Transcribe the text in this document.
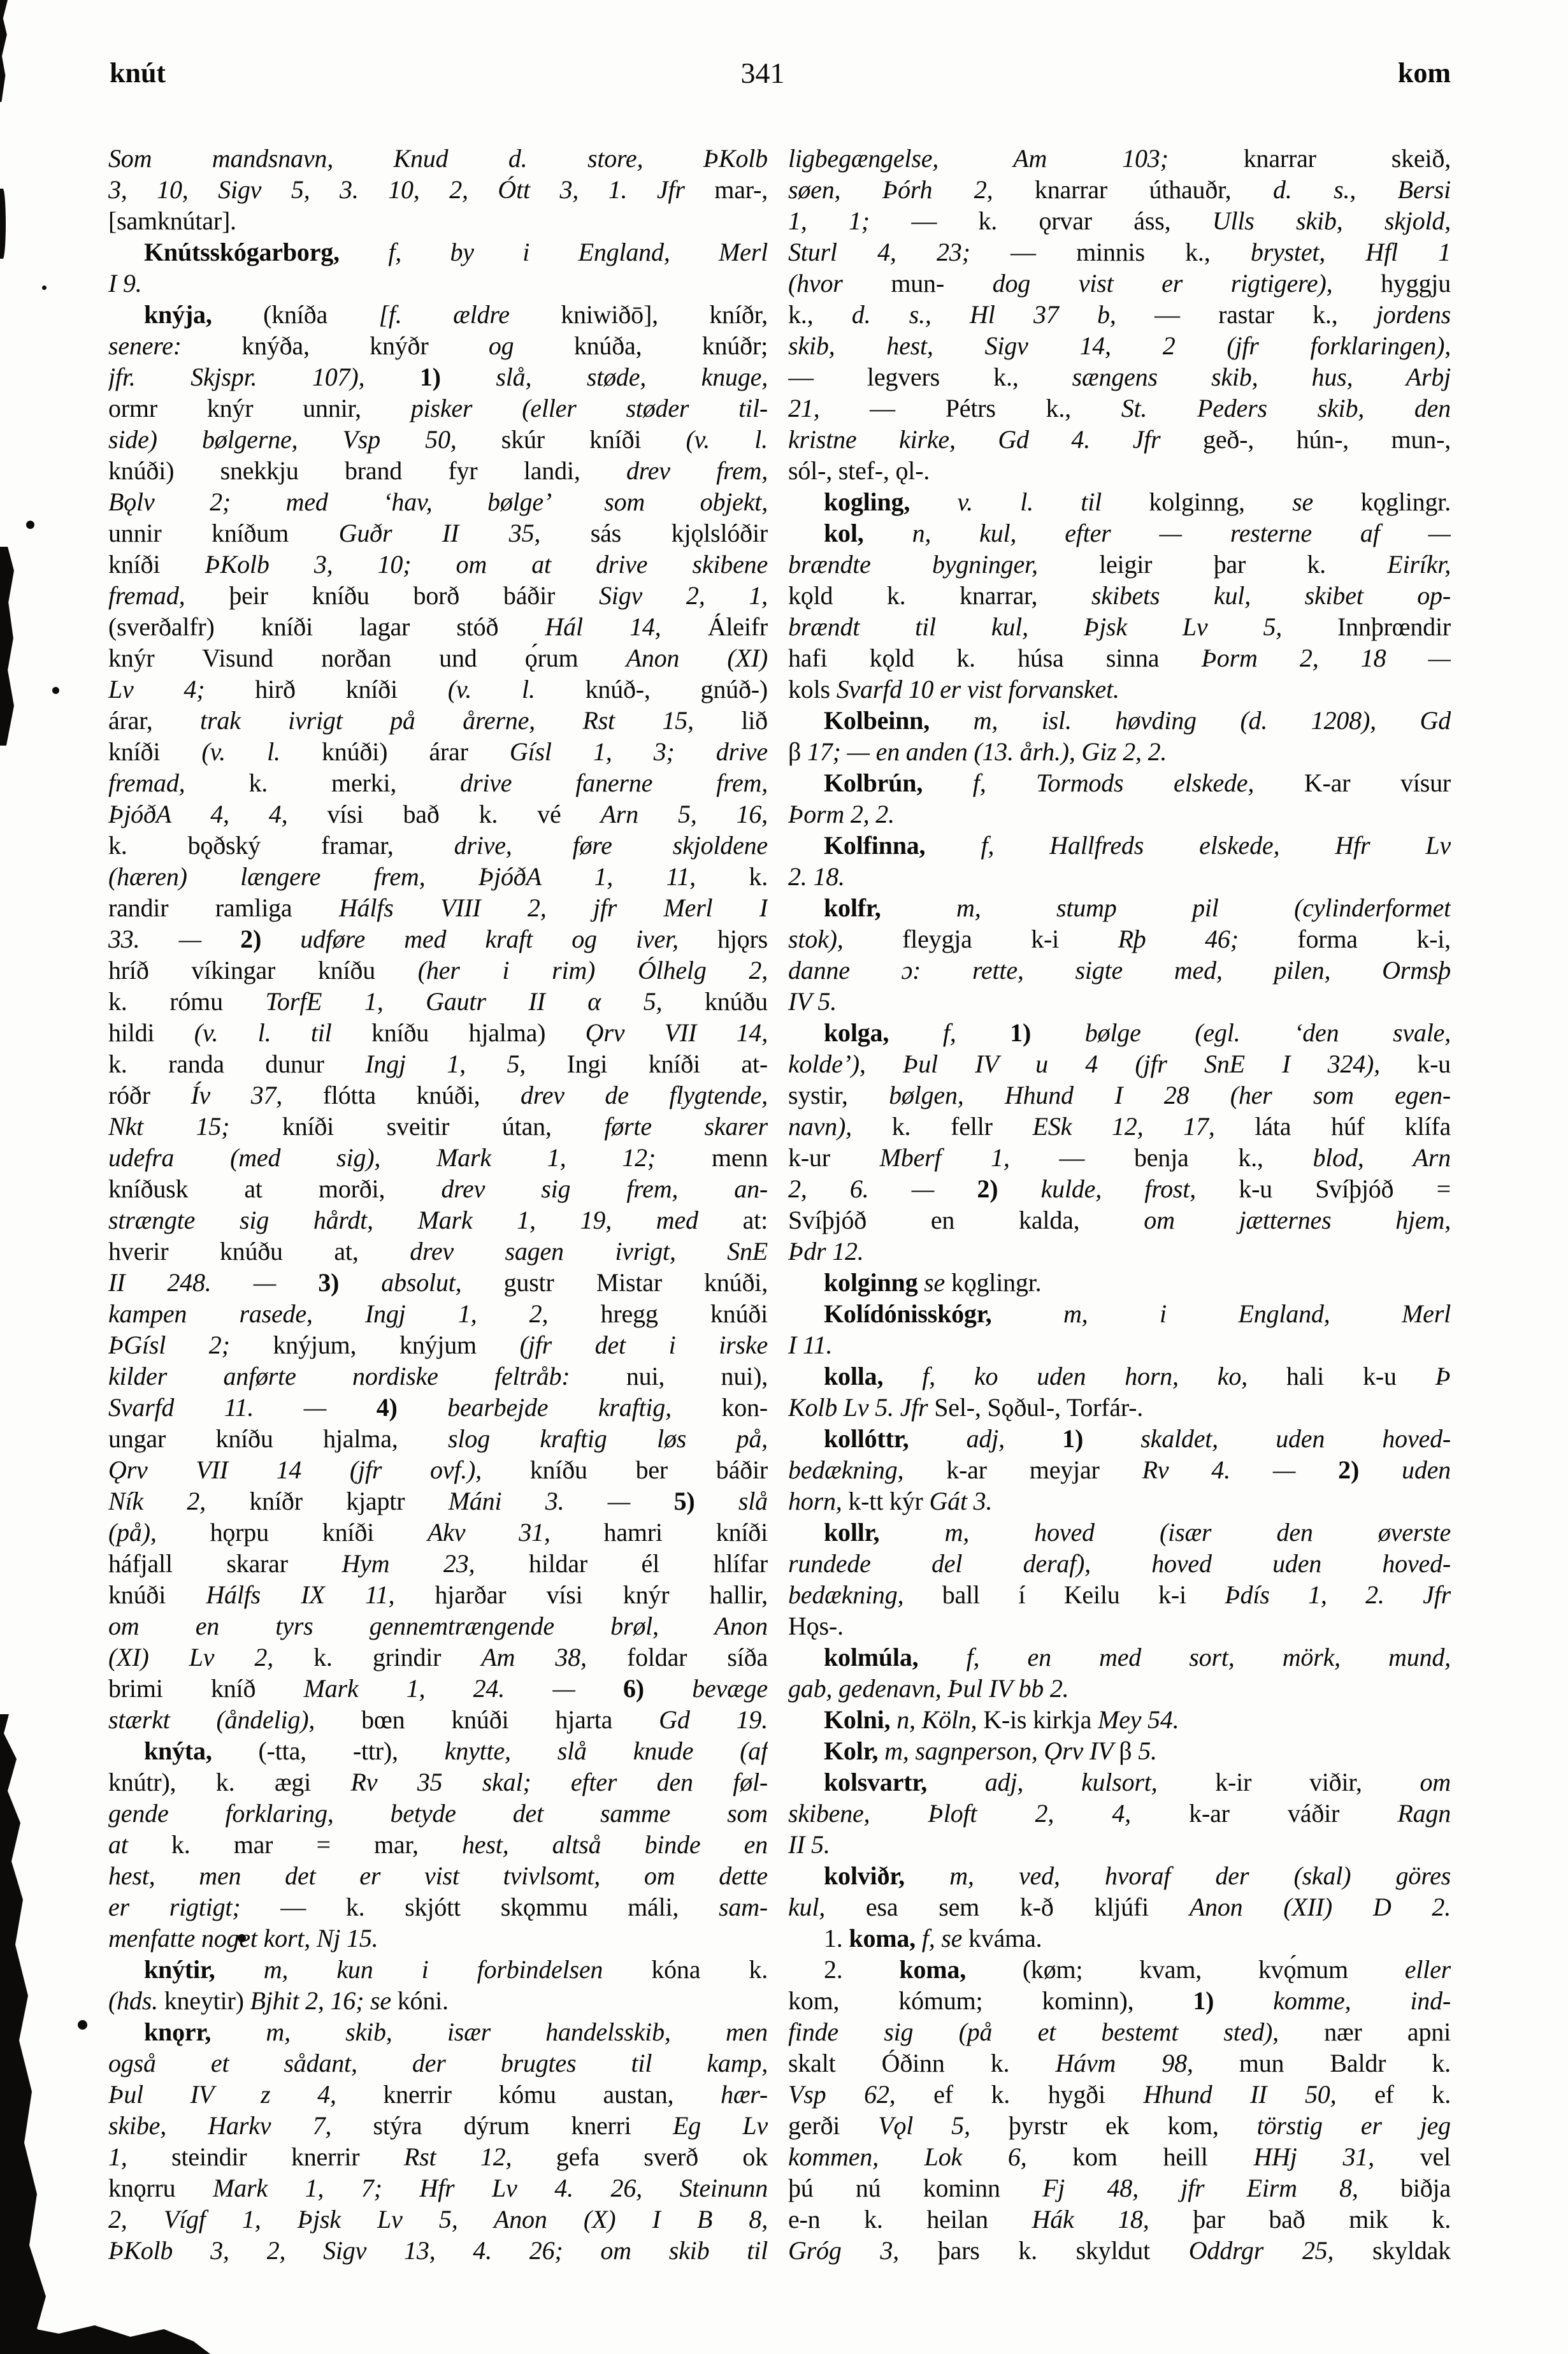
knút	341	kom
Som mandsnavn, Knud d. store, ÞKolb
3, 10, Sigv 5, 3. 10, 2, Ótt 3, 1. Jfr mar-,
[samknútar].
Knútsskógarborg, f, by i England, Merl
I 9.
knýja, (kníða [f. ældre kniwiðō], kníðr,
senere: knýða, knýðr og knúða, knúðr;
jfr. Skjspr. 107), 1) slå, støde, knuge,
ormr knýr unnir, pisker (eller støder til-
side) bølgerne, Vsp 50, skúr kníði (v. l.
knúði) snekkju brand fyr landi, drev frem,
Bǫlv 2; med ‘hav, bølge’ som objekt,
unnir kníðum Guðr II 35, sás kjǫlslóðir
kníði ÞKolb 3, 10; om at drive skibene
fremad, þeir kníðu borð báðir Sigv 2, 1,
(sverðalfr) kníði lagar stóð Hál 14, Áleifr
knýr Visund norðan und ǫ́rum Anon (XI)
Lv 4; hirð kníði (v. l. knúð-, gnúð-)
árar, trak ivrigt på årerne, Rst 15, lið
kníði (v. l. knúði) árar Gísl 1, 3; drive
fremad, k. merki, drive fanerne frem,
ÞjóðA 4, 4, vísi bað k. vé Arn 5, 16,
k. bǫðský framar, drive, føre skjoldene
(hæren) længere frem, ÞjóðA 1, 11, k.
randir ramliga Hálfs VIII 2, jfr Merl I
33. — 2) udføre med kraft og iver, hjǫrs
hríð víkingar kníðu (her i rim) Ólhelg 2,
k. rómu TorfE 1, Gautr II α 5, knúðu
hildi (v. l. til kníðu hjalma) Ǫrv VII 14,
k. randa dunur Ingj 1, 5, Ingi kníði at-
róðr Ív 37, flótta knúði, drev de flygtende,
Nkt 15; kníði sveitir útan, førte skarer
udefra (med sig), Mark 1, 12; menn
kníðusk at morði, drev sig frem, an-
strængte sig hårdt, Mark 1, 19, med at:
hverir knúðu at, drev sagen ivrigt, SnE
II 248. — 3) absolut, gustr Mistar knúði,
kampen rasede, Ingj 1, 2, hregg knúði
ÞGísl 2; knýjum, knýjum (jfr det i irske
kilder anførte nordiske feltråb: nui, nui),
Svarfd 11. — 4) bearbejde kraftig, kon-
ungar kníðu hjalma, slog kraftig løs på,
Ǫrv VII 14 (jfr ovf.), kníðu ber báðir
Ník 2, kníðr kjaptr Máni 3. — 5) slå
(på), hǫrpu kníði Akv 31, hamri kníði
háfjall skarar Hym 23, hildar él hlífar
knúði Hálfs IX 11, hjarðar vísi knýr hallir,
om en tyrs gennemtrængende brøl, Anon
(XI) Lv 2, k. grindir Am 38, foldar síða
brimi kníð Mark 1, 24. — 6) bevæge
stærkt (åndelig), bœn knúði hjarta Gd 19.
knýta, (-tta, -ttr), knytte, slå knude (af
knútr), k. ægi Rv 35 skal; efter den føl-
gende forklaring, betyde det samme som
at k. mar = mar, hest, altså binde en
hest, men det er vist tvivlsomt, om dette
er rigtigt; — k. skjótt skǫmmu máli, sam-
menfatte noget kort, Nj 15.
knýtir, m, kun i forbindelsen kóna k.
(hds. kneytir) Bjhit 2, 16; se kóni.
knǫrr, m, skib, især handelsskib, men
også et sådant, der brugtes til kamp,
Þul IV z 4, knerrir kómu austan, hær-
skibe, Harkv 7, stýra dýrum knerri Eg Lv
1, steindir knerrir Rst 12, gefa sverð ok
knǫrru Mark 1, 7; Hfr Lv 4. 26, Steinunn
2, Vígf 1, Þjsk Lv 5, Anon (X) I B 8,
ÞKolb 3, 2, Sigv 13, 4. 26; om skib til
ligbegængelse, Am 103; knarrar skeið,
søen, Þórh 2, knarrar úthauðr, d. s., Bersi
1, 1; — k. ǫrvar áss, Ulls skib, skjold,
Sturl 4, 23; — minnis k., brystet, Hfl 1
(hvor mun- dog vist er rigtigere), hyggju
k., d. s., Hl 37 b, — rastar k., jordens
skib, hest, Sigv 14, 2 (jfr forklaringen),
— legvers k., sængens skib, hus, Arbj
21, — Pétrs k., St. Peders skib, den
kristne kirke, Gd 4. Jfr geð-, hún-, mun-,
sól-, stef-, ǫl-.
kogling, v. l. til kolginng, se kǫglingr.
kol, n, kul, efter — resterne af —
brændte bygninger, leigir þar k. Eiríkr,
kǫld k. knarrar, skibets kul, skibet op-
brændt til kul, Þjsk Lv 5, Innþrœndir
hafi kǫld k. húsa sinna Þorm 2, 18 —
kols Svarfd 10 er vist forvansket.
Kolbeinn, m, isl. høvding (d. 1208), Gd
β 17; — en anden (13. årh.), Giz 2, 2.
Kolbrún, f, Tormods elskede, K-ar vísur
Þorm 2, 2.
Kolfinna, f, Hallfreds elskede, Hfr Lv
2. 18.
kolfr, m, stump pil (cylinderformet
stok), fleygja k-i Rþ 46; forma k-i,
danne ɔ: rette, sigte med, pilen, Ormsþ
IV 5.
kolga, f, 1) bølge (egl. ‘den svale,
kolde’), Þul IV u 4 (jfr SnE I 324), k-u
systir, bølgen, Hhund I 28 (her som egen-
navn), k. fellr ESk 12, 17, láta húf klífa
k-ur Mberf 1, — benja k., blod, Arn
2, 6. — 2) kulde, frost, k-u Svíþjóð =
Svíþjóð en kalda, om jætternes hjem,
Þdr 12.
kolginng se kǫglingr.
Kolídónisskógr, m, i England, Merl
I 11.
kolla, f, ko uden horn, ko, hali k-u Þ
Kolb Lv 5. Jfr Sel-, Sǫðul-, Torfár-.
kollóttr, adj, 1) skaldet, uden hoved-
bedækning, k-ar meyjar Rv 4. — 2) uden
horn, k-tt kýr Gát 3.
kollr, m, hoved (især den øverste
rundede del deraf), hoved uden hoved-
bedækning, ball í Keilu k-i Þdís 1, 2. Jfr
Hǫs-.
kolmúla, f, en med sort, mörk, mund,
gab, gedenavn, Þul IV bb 2.
Kolni, n, Köln, K-is kirkja Mey 54.
Kolr, m, sagnperson, Ǫrv IV β 5.
kolsvartr, adj, kulsort, k-ir viðir, om
skibene, Þloft 2, 4, k-ar váðir Ragn
II 5.
kolviðr, m, ved, hvoraf der (skal) göres
kul, esa sem k-ð kljúfi Anon (XII) D 2.
1. koma, f, se kváma.
2. koma, (køm; kvam, kvǫ́mum eller
kom, kómum; kominn), 1) komme, ind-
finde sig (på et bestemt sted), nær apni
skalt Óðinn k. Hávm 98, mun Baldr k.
Vsp 62, ef k. hygði Hhund II 50, ef k.
gerði Vǫl 5, þyrstr ek kom, törstig er jeg
kommen, Lok 6, kom heill HHj 31, vel
þú nú kominn Fj 48, jfr Eirm 8, biðja
e-n k. heilan Hák 18, þar bað mik k.
Gróg 3, þars k. skyldut Oddrgr 25, skyldak
